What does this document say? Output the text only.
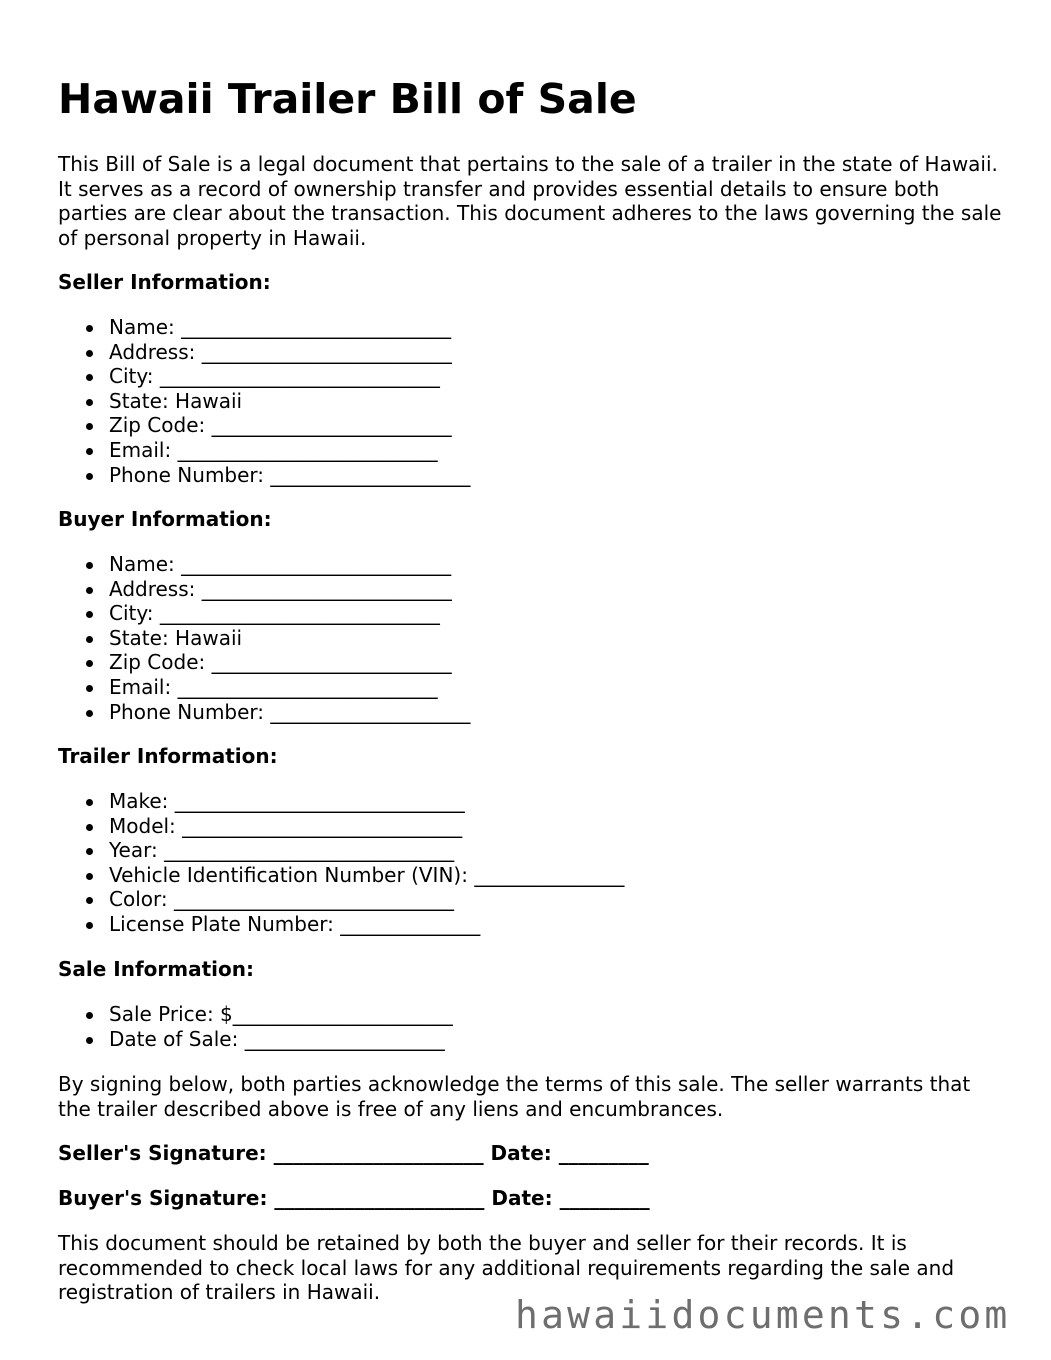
Hawaii Trailer Bill of Sale

This Bill of Sale is a legal document that pertains to the sale of a trailer in the state of Hawaii. It serves as a record of ownership transfer and provides essential details to ensure both parties are clear about the transaction. This document adheres to the laws governing the sale of personal property in Hawaii.

Seller Information:

Name: ___________________________
Address: _________________________
City: ____________________________
State: Hawaii
Zip Code: ________________________
Email: __________________________
Phone Number: ____________________

Buyer Information:

Name: ___________________________
Address: _________________________
City: ____________________________
State: Hawaii
Zip Code: ________________________
Email: __________________________
Phone Number: ____________________

Trailer Information:

Make: _____________________________
Model: ____________________________
Year: _____________________________
Vehicle Identification Number (VIN): _______________
Color: ____________________________
License Plate Number: ______________

Sale Information:

Sale Price: $______________________
Date of Sale: ____________________

By signing below, both parties acknowledge the terms of this sale. The seller warrants that the trailer described above is free of any liens and encumbrances.

Seller's Signature: _____________________ Date: _________

Buyer's Signature: _____________________ Date: _________

This document should be retained by both the buyer and seller for their records. It is recommended to check local laws for any additional requirements regarding the sale and registration of trailers in Hawaii.

hawaiidocuments.com
